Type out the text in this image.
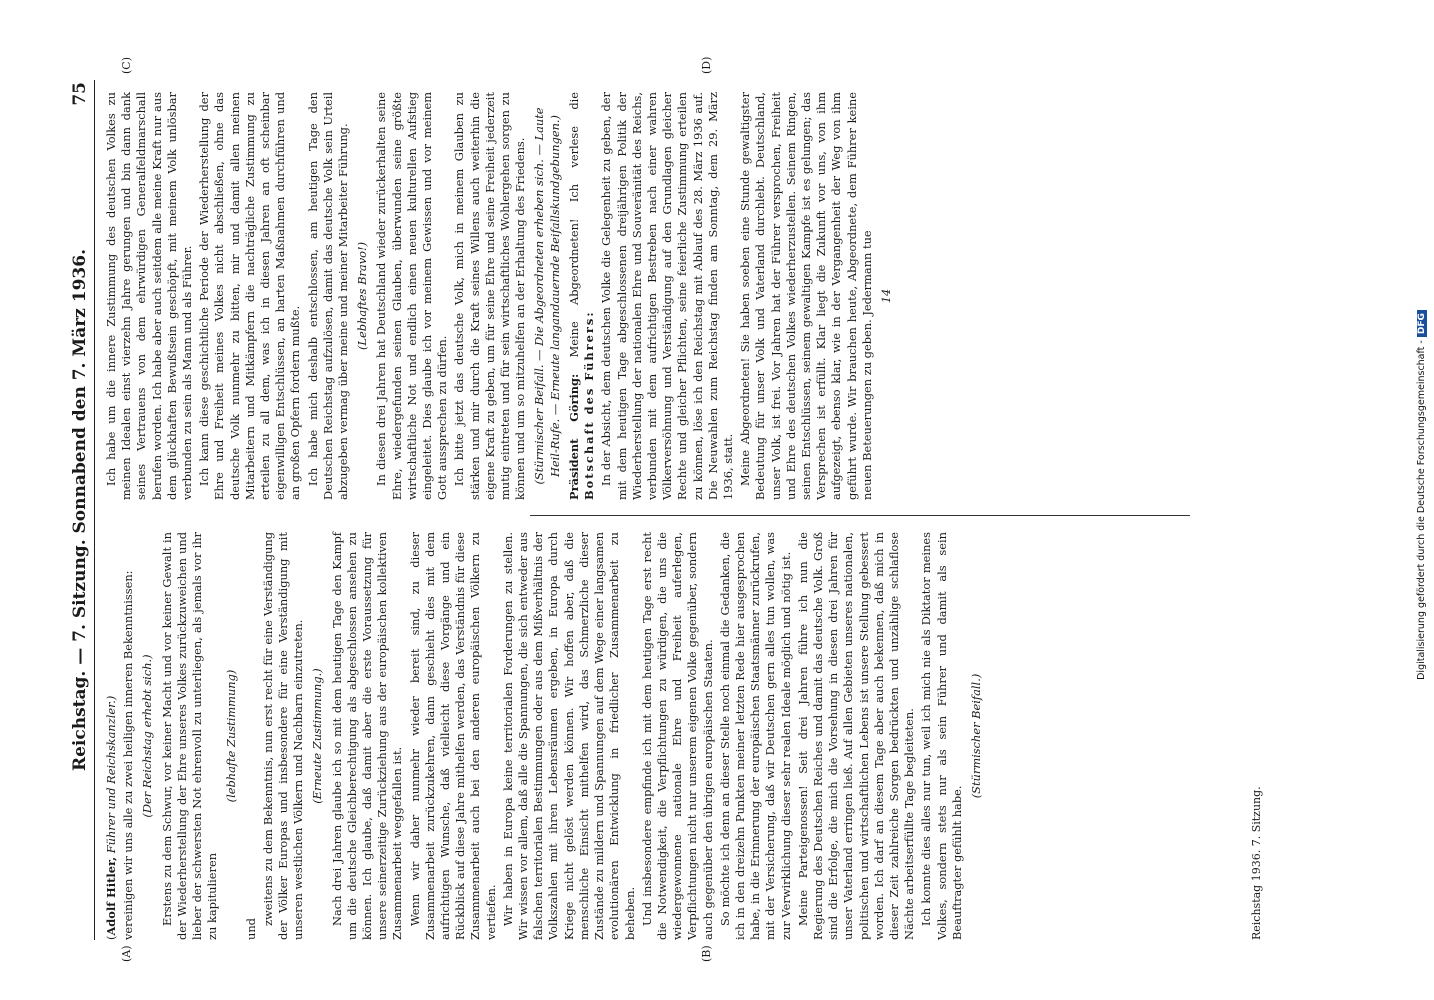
Reichstag. — 7. Sitzung. Sonnabend den 7. März 1936.
75
(A)	(B)
(C)	(D)

(Adolf Hitler, Führer und Reichskanzler.) vereinigen wir uns alle zu zwei heiligen inneren Bekenntnissen: (Der Reichstag erhebt sich.) Erstens zu dem Schwur, vor keiner Macht und vor keiner Gewalt in der Wiederherstellung der Ehre unseres Volkes zurückzuweichen und lieber der schwersten Not ehrenvoll zu unterliegen, als jemals vor ihr zu kapitulieren

(lebhafte Zustimmung)

und

zweitens zu dem Bekenntnis, nun erst recht für eine Verständigung der Völker Europas und insbesondere für eine Verständigung mit unseren westlichen Völkern und Nachbarn einzutreten. (Erneute Zustimmung.) Nach drei Jahren glaube ich so mit dem heutigen Tage den Kampf um die deutsche Gleichberechtigung als abgeschlossen ansehen zu können. Ich glaube, daß damit aber die erste Voraussetzung für unsere seinerzeitige Zurückziehung aus der europäischen kollektiven Zusammenarbeit weggefallen ist. Wenn wir daher nunmehr wieder bereit sind, zu dieser Zusammenarbeit zurückzukehren, dann geschieht dies mit dem aufrichtigen Wunsche, daß vielleicht diese Vorgänge und ein Rückblick auf diese Jahre mithelfen werden, das Verständnis für diese Zusammenarbeit auch bei den anderen europäischen Völkern zu vertiefen. Wir haben in Europa keine territorialen Forderungen zu stellen. Wir wissen vor allem, daß alle die Spannungen, die sich entweder aus falschen territorialen Bestimmungen oder aus dem Mißverhältnis der Volkszahlen mit ihren Lebensräumen ergeben, in Europa durch Kriege nicht gelöst werden können. Wir hoffen aber, daß die menschliche Einsicht mithelfen wird, das Schmerzliche dieser Zustände zu mildern und Spannungen auf dem Wege einer langsamen evolutionären Entwicklung in friedlicher Zusammenarbeit zu beheben. Und insbesondere empfinde ich mit dem heutigen Tage erst recht die Notwendigkeit, die Verpflichtungen zu würdigen, die uns die wiedergewonnene nationale Ehre und Freiheit auferlegen, Verpflichtungen nicht nur unserem eigenen Volke gegenüber, sondern auch gegenüber den übrigen europäischen Staaten. So möchte ich denn an dieser Stelle noch einmal die Gedanken, die ich in den dreizehn Punkten meiner letzten Rede hier ausgesprochen habe, in die Erinnerung der europäischen Staatsmänner zurückrufen, mit der Versicherung, daß wir Deutschen gern alles tun wollen, was zur Verwirklichung dieser sehr realen Ideale möglich und nötig ist. Meine Parteigenossen! Seit drei Jahren führe ich nun die Regierung des Deutschen Reiches und damit das deutsche Volk. Groß sind die Erfolge, die mich die Vorsehung in diesen drei Jahren für unser Vaterland erringen ließ. Auf allen Gebieten unseres nationalen, politischen und wirtschaftlichen Lebens ist unsere Stellung gebessert worden. Ich darf an diesem Tage aber auch bekennen, daß mich in dieser Zeit zahlreiche Sorgen bedrückten und unzählige schlaflose Nächte arbeitserfüllte Tage begleiteten. Ich konnte dies alles nur tun, weil ich mich nie als Diktator meines Volkes, sondern stets nur als sein Führer und damit als sein Beauftragter gefühlt habe.

(Stürmischer Beifall.)

Ich habe um die innere Zustimmung des deutschen Volkes zu meinen Idealen einst vierzehn Jahre gerungen und bin dann dank seines Vertrauens von dem ehrwürdigen Generalfeldmarschall berufen worden. Ich habe aber auch seitdem alle meine Kraft nur aus dem glückhaften Bewußtsein geschöpft, mit meinem Volk unlösbar verbunden zu sein als Mann und als Führer. Ich kann diese geschichtliche Periode der Wiederherstellung der Ehre und Freiheit meines Volkes nicht abschließen, ohne das deutsche Volk nunmehr zu bitten, mir und damit allen meinen Mitarbeitern und Mitkämpfern die nachträgliche Zustimmung zu erteilen zu all dem, was ich in diesen Jahren an oft scheinbar eigenwilligen Entschlüssen, an harten Maßnahmen durchführen und an großen Opfern fordern mußte. Ich habe mich deshalb entschlossen, am heutigen Tage den Deutschen Reichstag aufzulösen, damit das deutsche Volk sein Urteil abzugeben vermag über meine und meiner Mitarbeiter Führung. (Lebhaftes Bravo!) In diesen drei Jahren hat Deutschland wieder zurückerhalten seine Ehre, wiedergefunden seinen Glauben, überwunden seine größte wirtschaftliche Not und endlich einen neuen kulturellen Aufstieg eingeleitet. Dies glaube ich vor meinem Gewissen und vor meinem Gott aussprechen zu dürfen. Ich bitte jetzt das deutsche Volk, mich in meinem Glauben zu stärken und mir durch die Kraft seines Willens auch weiterhin die eigene Kraft zu geben, um für seine Ehre und seine Freiheit jederzeit mutig eintreten und für sein wirtschaftliches Wohlergehen sorgen zu können und um so mitzuhelfen an der Erhaltung des Friedens. (Stürmischer Beifall. — Die Abgeordneten erheben sich. — Laute Heil-Rufe. — Erneute langandauernde Beifallskundgebungen.) Präsident Göring: Meine Abgeordneten! Ich verlese die Botschaft des Führers: In der Absicht, dem deutschen Volke die Gelegenheit zu geben, der mit dem heutigen Tage abgeschlossenen dreijährigen Politik der Wiederherstellung der nationalen Ehre und Souveränität des Reichs, verbunden mit dem aufrichtigen Bestreben nach einer wahren Völkerversöhnung und Verständigung auf den Grundlagen gleicher Rechte und gleicher Pflichten, seine feierliche Zustimmung erteilen zu können, löse ich den Reichstag mit Ablauf des 28. März 1936 auf. Die Neuwahlen zum Reichstag finden am Sonntag, dem 29. März 1936, statt. Meine Abgeordneten! Sie haben soeben eine Stunde gewaltigster Bedeutung für unser Volk und Vaterland durchlebt. Deutschland, unser Volk, ist frei. Vor Jahren hat der Führer versprochen, Freiheit und Ehre des deutschen Volkes wiederherzustellen. Seinem Ringen, seinen Entschlüssen, seinem gewaltigen Kampfe ist es gelungen; das Versprechen ist erfüllt. Klar liegt die Zukunft vor uns, von ihm aufgezeigt, ebenso klar, wie in der Vergangenheit der Weg von ihm geführt wurde. Wir brauchen heute, Abgeordnete, dem Führer keine neuen Beteuerungen zu geben. Jedermann tue 14

Reichstag 1936. 7. Sitzung.
Digitalisierung gefördert durch die Deutsche Forschungsgemeinschaft -DFG
